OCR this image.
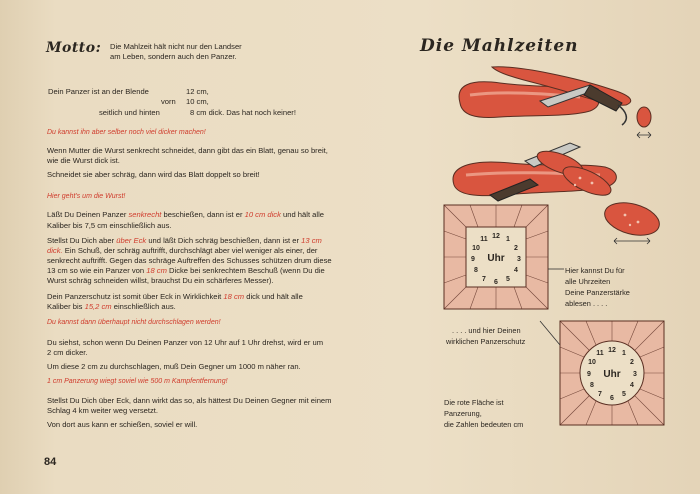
Motto: Die Mahlzeit hält nicht nur den Landser
am Leben, sondern auch den Panzer.
Dein Panzer ist an der Blende	12 cm,
vorn 10 cm,
seitlich und hinten	8 cm dick. Das hat noch keiner!
Du kannst ihn aber selber noch viel dicker machen!
Wenn Mutter die Wurst senkrecht schneidet, dann gibt das ein Blatt, genau so breit,
wie die Wurst dick ist.
Schneidet sie aber schräg, dann wird das Blatt doppelt so breit!
Hier geht's um die Wurst!
Läßt Du Deinen Panzer senkrecht beschießen, dann ist er 10 cm dick und hält alle
Kaliber bis 7,5 cm einschließlich aus.
Stellst Du Dich aber über Eck und läßt Dich schräg beschießen, dann ist er 13 cm
dick. Ein Schuß, der schräg auftrifft, durchschlägt aber viel weniger als einer, der
senkrecht auftrifft. Gegen das schräge Auftreffen des Schusses schützen drum diese
13 cm so wie ein Panzer von 18 cm Dicke bei senkrechtem Beschuß (wenn Du die
Wurst schräg schneiden willst, brauchst Du ein schärferes Messer).
Dein Panzerschutz ist somit über Eck in Wirklichkeit 18 cm dick und hält alle
Kaliber bis 15,2 cm einschließlich aus.
Du kannst dann überhaupt nicht durchschlagen werden!
Du siehst, schon wenn Du Deinen Panzer von 12 Uhr auf 1 Uhr drehst, wird er um
2 cm dicker.
Um diese 2 cm zu durchschlagen, muß Dein Gegner um 1000 m näher ran.
1 cm Panzerung wiegt soviel wie 500 m Kampfentfernung!
Stellst Du Dich über Eck, dann wirkt das so, als hättest Du Deinen Gegner mit einem
Schlag 4 km weiter weg versetzt.
Von dort aus kann er schießen, soviel er will.
84
Die Mahlzeiten
Uhr
12 1
2
3
4
5
6
7
8
9
10
11
Uhr
12 1
2
3
4
5
6
7
8
9
10
11
Hier kannst Du für
alle Uhrzeiten
Deine Panzerstärke
ablesen . . . .
. . . . und hier Deinen
wirklichen Panzerschutz
Die rote Fläche ist
Panzerung,
die Zahlen bedeuten cm
